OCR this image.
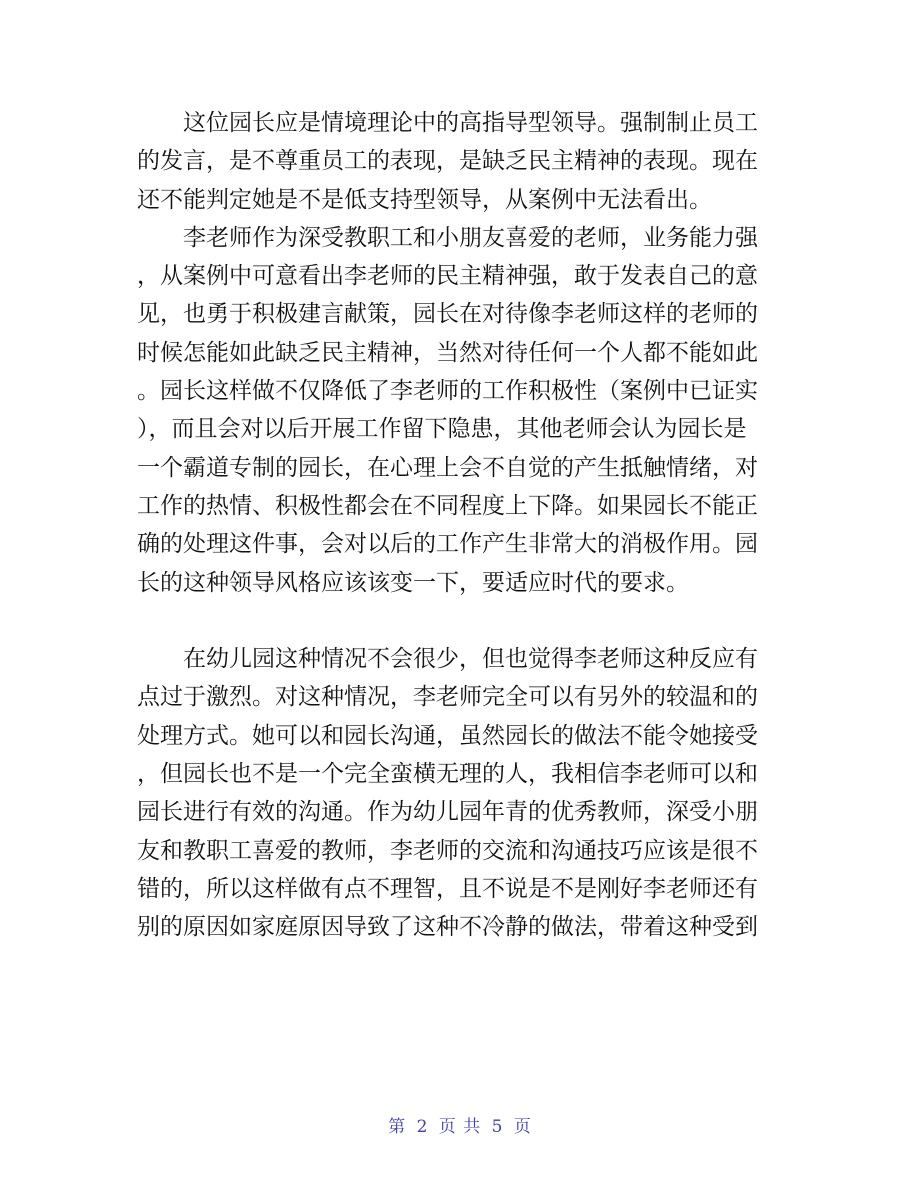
这位园长应是情境理论中的高指导型领导。强制制止员工
的发言，是不尊重员工的表现，是缺乏民主精神的表现。现在
还不能判定她是不是低支持型领导，从案例中无法看出。
李老师作为深受教职工和小朋友喜爱的老师，业务能力强
，从案例中可意看出李老师的民主精神强，敢于发表自己的意
见，也勇于积极建言献策，园长在对待像李老师这样的老师的
时候怎能如此缺乏民主精神，当然对待任何一个人都不能如此
。园长这样做不仅降低了李老师的工作积极性（案例中已证实
），而且会对以后开展工作留下隐患，其他老师会认为园长是
一个霸道专制的园长，在心理上会不自觉的产生抵触情绪，对
工作的热情、积极性都会在不同程度上下降。如果园长不能正
确的处理这件事，会对以后的工作产生非常大的消极作用。园
长的这种领导风格应该该变一下，要适应时代的要求。
在幼儿园这种情况不会很少，但也觉得李老师这种反应有
点过于激烈。对这种情况，李老师完全可以有另外的较温和的
处理方式。她可以和园长沟通，虽然园长的做法不能令她接受
，但园长也不是一个完全蛮横无理的人，我相信李老师可以和
园长进行有效的沟通。作为幼儿园年青的优秀教师，深受小朋
友和教职工喜爱的教师，李老师的交流和沟通技巧应该是很不
错的，所以这样做有点不理智，且不说是不是刚好李老师还有
别的原因如家庭原因导致了这种不冷静的做法，带着这种受到
第 2 页 共 5 页
